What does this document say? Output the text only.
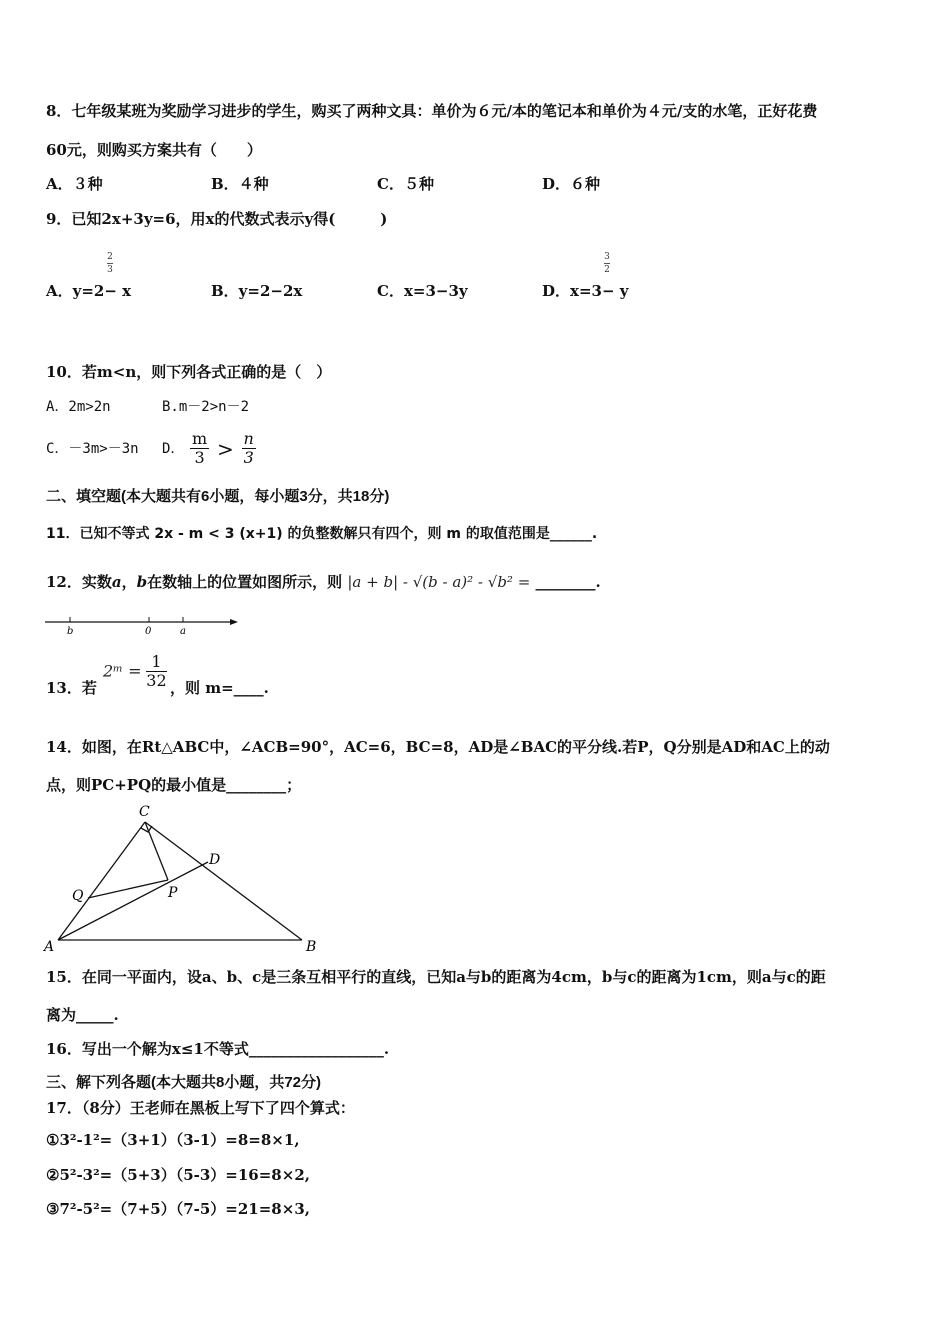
8．七年级某班为奖励学习进步的学生，购买了两种文具：单价为６元/本的笔记本和单价为４元/支的水笔，正好花费
60元，则购买方案共有（　　）
A．３种	B．４种	C．５种	D．６种
9．已知2x+3y=6，用x的代数式表示y得(　　　)
2
3
3
2
A．y=2− x	B．y=2−2x	C．x=3−3y	D．x=3− y
10．若m<n，则下列各式正确的是（　）
A．2m>2n	B.m－2>n－2
C．－3m>－3n D． $\frac{m}{3} > \frac{n}{3}$
二、填空题(本大题共有6小题，每小题3分，共18分)
11．已知不等式 2x - m < 3 (x+1) 的负整数解只有四个，则 m 的取值范围是______.
12．实数a，b在数轴上的位置如图所示，则 |a + b| - √(b - a)² - √b² = ________.
b	0	a
13．若
2ᵐ = $\frac{1}{32}$ ，则 m=____.
14．如图，在Rt△ABC中，∠ACB=90°，AC=6，BC=8，AD是∠BAC的平分线.若P，Q分别是AD和AC上的动
点，则PC+PQ的最小值是________；
C
D
Q	P
A	B
15．在同一平面内，设a、b、c是三条互相平行的直线，已知a与b的距离为4cm，b与c的距离为1cm，则a与c的距
离为_____.
16．写出一个解为x≤1不等式__________________.
三、解下列各题(本大题共8小题，共72分)
17．（8分）王老师在黑板上写下了四个算式：
①3²-1²=（3+1）（3-1）=8=8×1,
②5²-3²=（5+3）（5-3）=16=8×2,
③7²-5²=（7+5）（7-5）=21=8×3,
